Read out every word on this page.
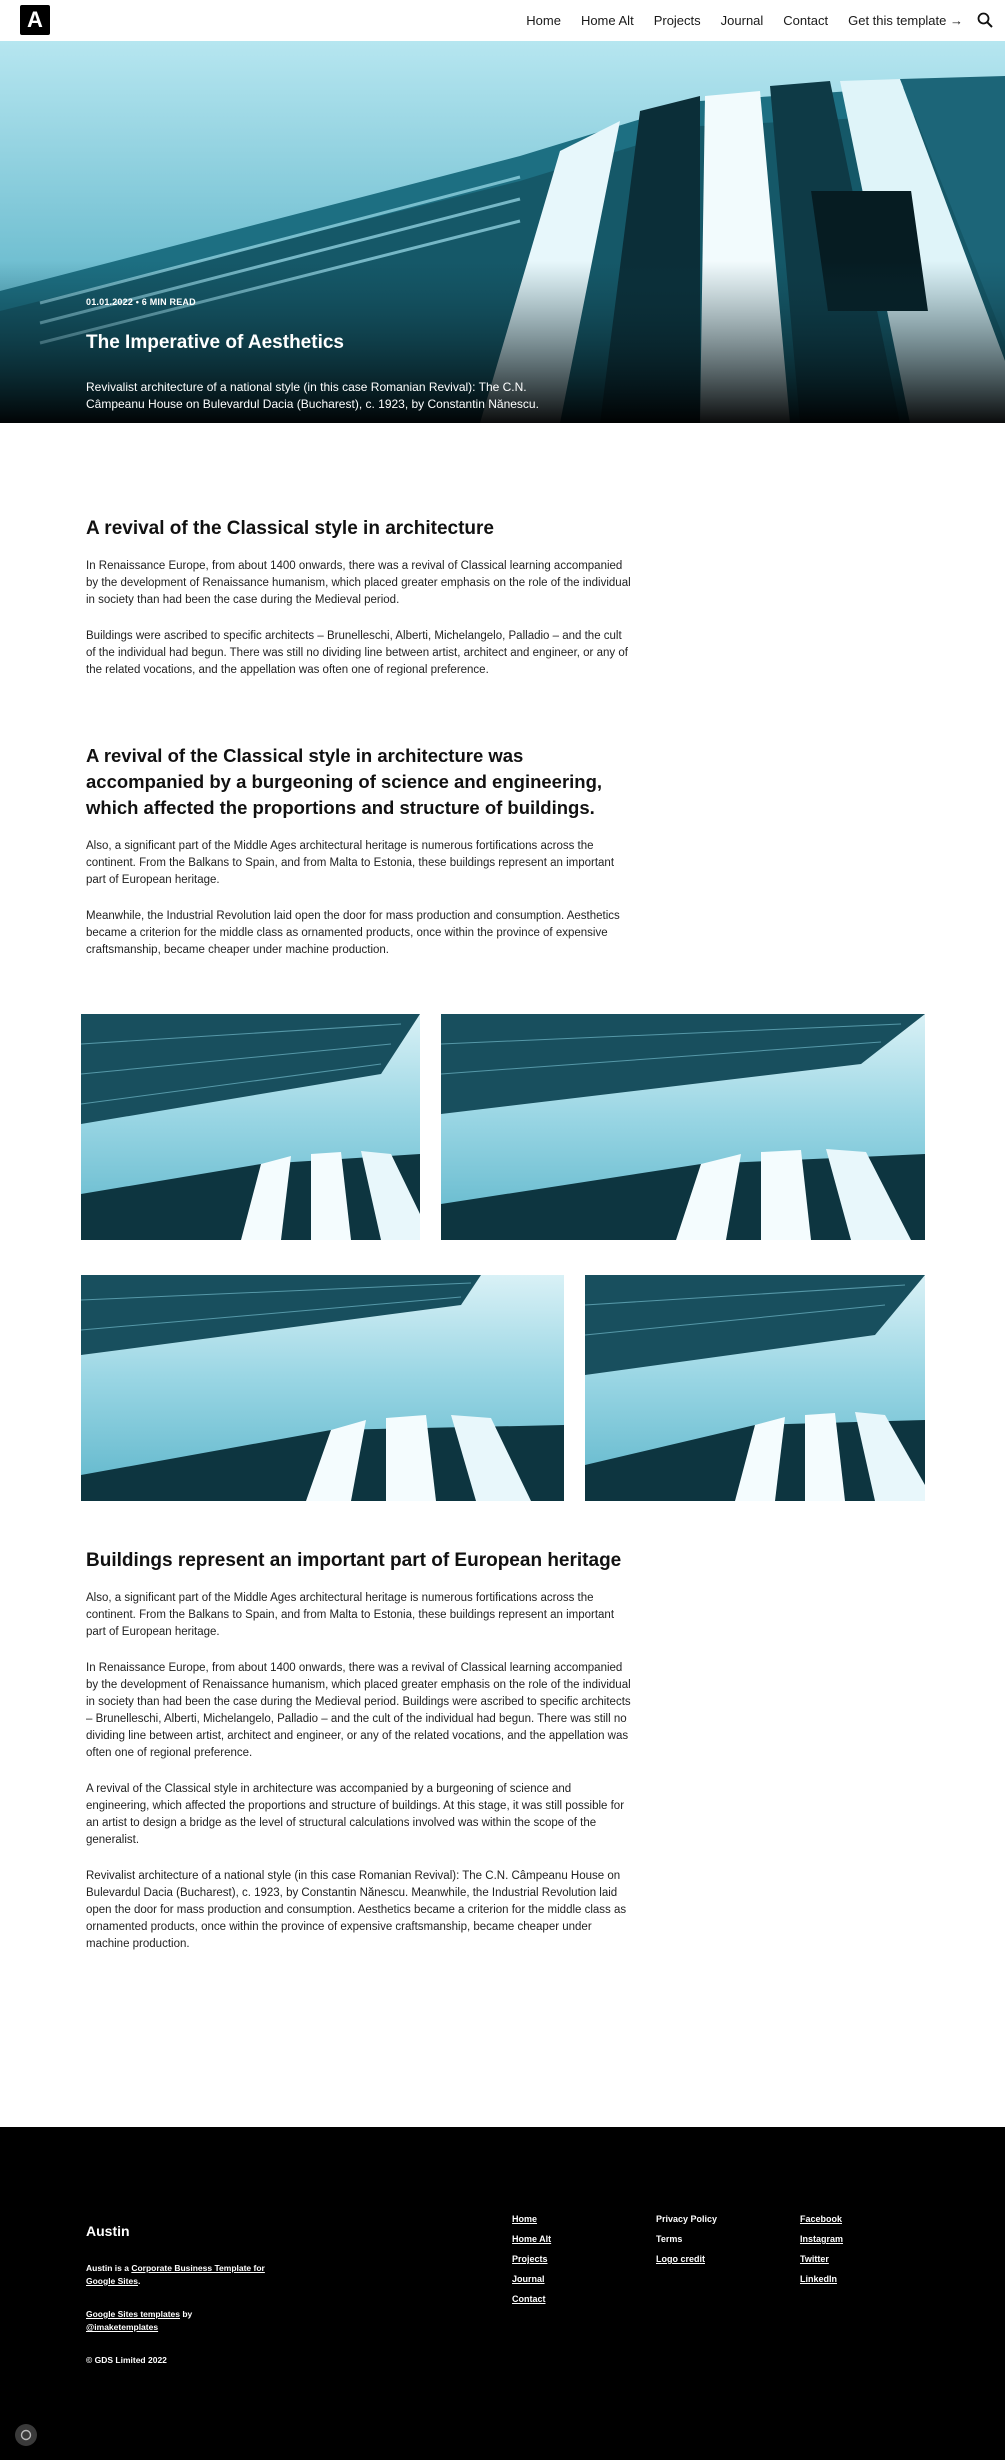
A	Home Home Alt Projects Journal Contact Get this template →
01.01.2022 • 6 MIN READ
The Imperative of Aesthetics

Revivalist architecture of a national style (in this case Romanian Revival): The C.N. Câmpeanu House on Bulevardul Dacia (Bucharest), c. 1923, by Constantin Nănescu.

A revival of the Classical style in architecture

In Renaissance Europe, from about 1400 onwards, there was a revival of Classical learning accompanied by the development of Renaissance humanism, which placed greater emphasis on the role of the individual in society than had been the case during the Medieval period.

Buildings were ascribed to specific architects – Brunelleschi, Alberti, Michelangelo, Palladio – and the cult of the individual had begun. There was still no dividing line between artist, architect and engineer, or any of the related vocations, and the appellation was often one of regional preference.

A revival of the Classical style in architecture was accompanied by a burgeoning of science and engineering, which affected the proportions and structure of buildings.

Also, a significant part of the Middle Ages architectural heritage is numerous fortifications across the continent. From the Balkans to Spain, and from Malta to Estonia, these buildings represent an important part of European heritage.

Meanwhile, the Industrial Revolution laid open the door for mass production and consumption. Aesthetics became a criterion for the middle class as ornamented products, once within the province of expensive craftsmanship, became cheaper under machine production.

Buildings represent an important part of European heritage

Also, a significant part of the Middle Ages architectural heritage is numerous fortifications across the continent. From the Balkans to Spain, and from Malta to Estonia, these buildings represent an important part of European heritage.

In Renaissance Europe, from about 1400 onwards, there was a revival of Classical learning accompanied by the development of Renaissance humanism, which placed greater emphasis on the role of the individual in society than had been the case during the Medieval period. Buildings were ascribed to specific architects – Brunelleschi, Alberti, Michelangelo, Palladio – and the cult of the individual had begun. There was still no dividing line between artist, architect and engineer, or any of the related vocations, and the appellation was often one of regional preference.

A revival of the Classical style in architecture was accompanied by a burgeoning of science and engineering, which affected the proportions and structure of buildings. At this stage, it was still possible for an artist to design a bridge as the level of structural calculations involved was within the scope of the generalist.

Revivalist architecture of a national style (in this case Romanian Revival): The C.N. Câmpeanu House on Bulevardul Dacia (Bucharest), c. 1923, by Constantin Nănescu. Meanwhile, the Industrial Revolution laid open the door for mass production and consumption. Aesthetics became a criterion for the middle class as ornamented products, once within the province of expensive craftsmanship, became cheaper under machine production.

Austin
Austin is a Corporate Business Template for Google Sites.
Google Sites templates by
@imaketemplates
© GDS Limited 2022
Home
Home Alt
Projects
Journal
Contact
Privacy Policy
Terms
Logo credit
Facebook
Instagram
Twitter
LinkedIn
